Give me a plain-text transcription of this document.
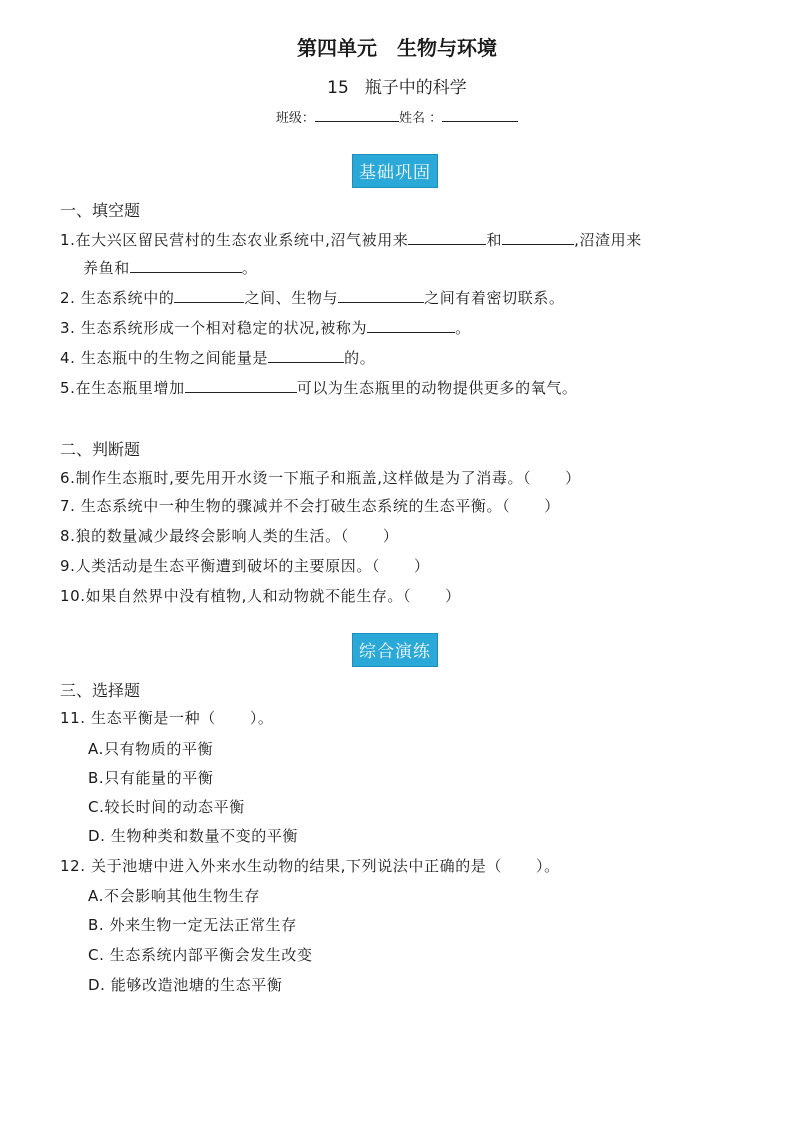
第四单元 生物与环境
15 瓶子中的科学
班级：	姓名 ：
基础巩固
一、填空题
1.在大兴区留民营村的生态农业系统中,沼气被用来	和	,沼渣用来
养鱼和	。
2. 生态系统中的	之间、生物与	之间有着密切联系。
3. 生态系统形成一个相对稳定的状况,被称为	。
4. 生态瓶中的生物之间能量是	的。
5.在生态瓶里增加	可以为生态瓶里的动物提供更多的氧气。
二、判断题
6.制作生态瓶时,要先用开水烫一下瓶子和瓶盖,这样做是为了消毒。（ ）
7. 生态系统中一种生物的骤减并不会打破生态系统的生态平衡。（ ）
8.狼的数量减少最终会影响人类的生活。（ ）
9.人类活动是生态平衡遭到破坏的主要原因。（ ）
10.如果自然界中没有植物,人和动物就不能生存。（ ）
综合演练
三、选择题
11. 生态平衡是一种（ ）。
A.只有物质的平衡
B.只有能量的平衡
C.较长时间的动态平衡
D. 生物种类和数量不变的平衡
12. 关于池塘中进入外来水生动物的结果,下列说法中正确的是（ ）。
A.不会影响其他生物生存
B. 外来生物一定无法正常生存
C. 生态系统内部平衡会发生改变
D. 能够改造池塘的生态平衡
